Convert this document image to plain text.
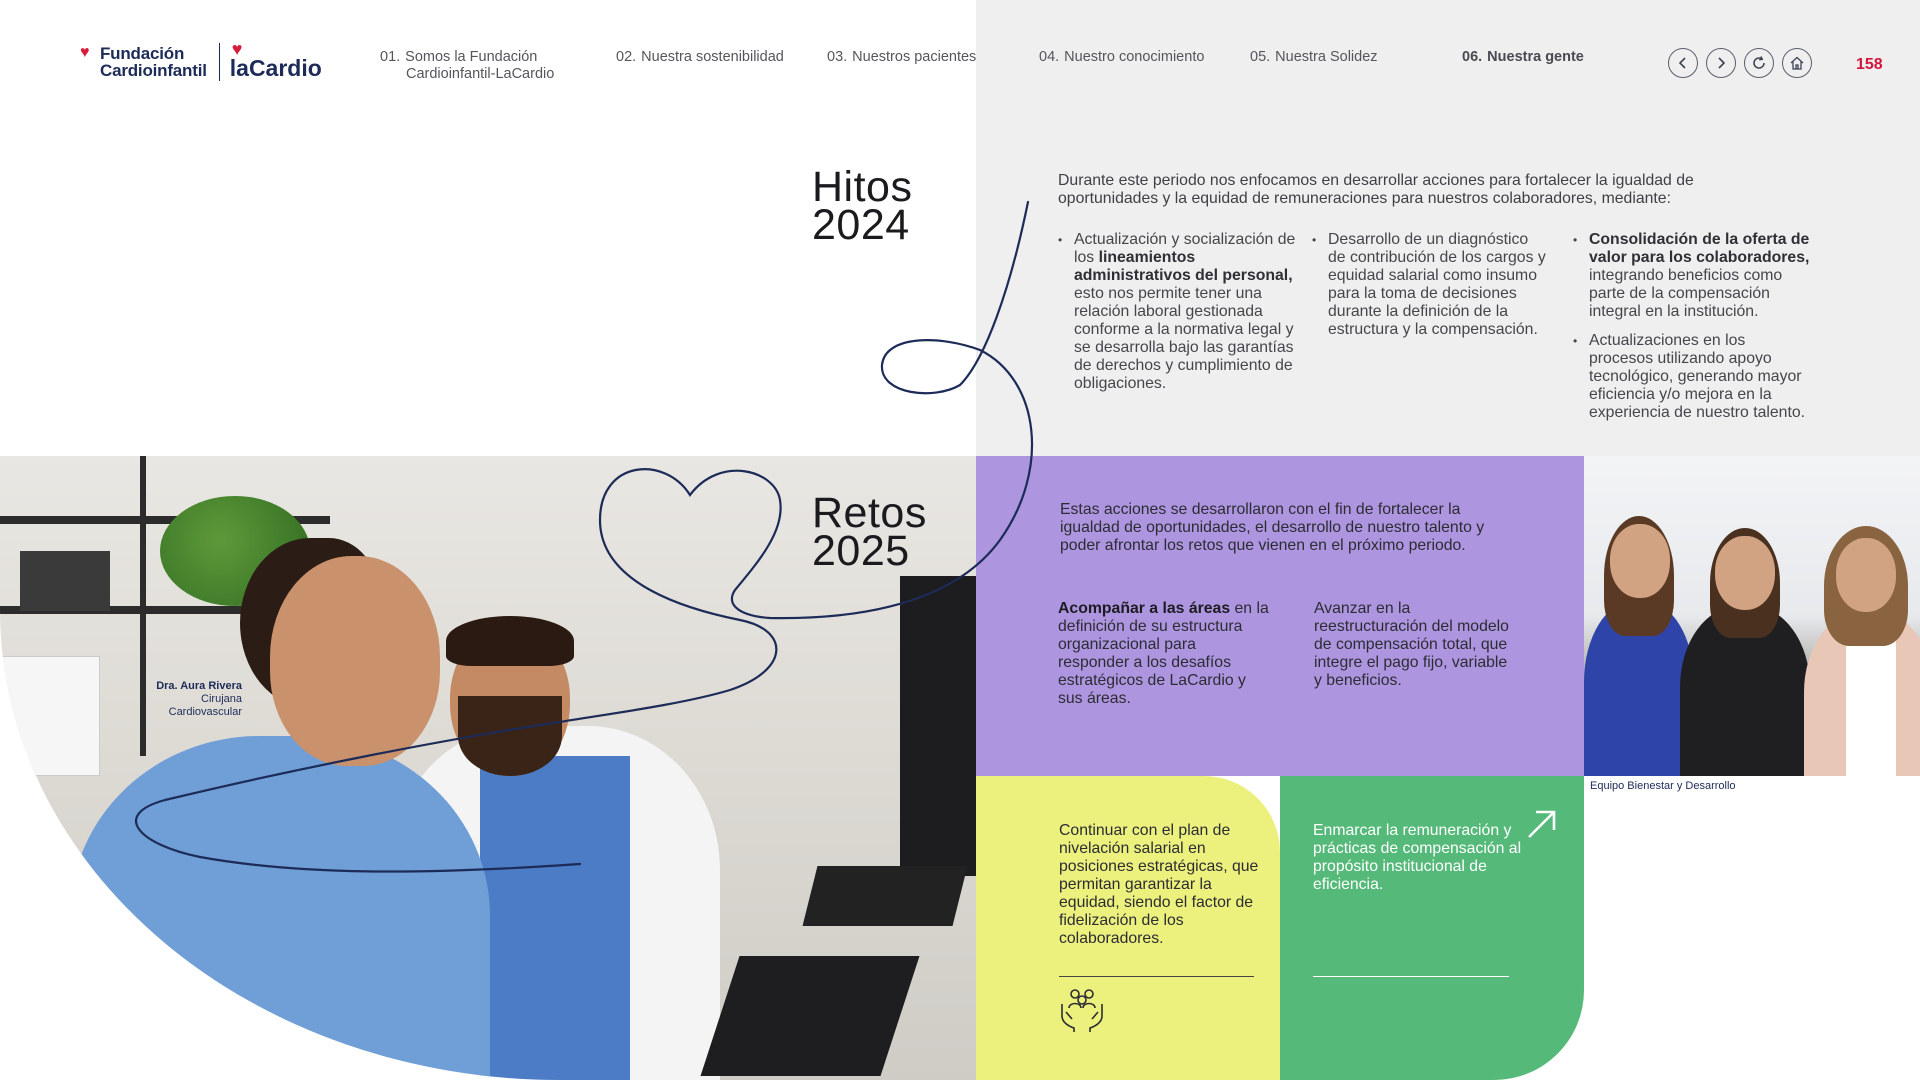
♥ Fundación
Cardioinfantil
♥
laCardio	01. Somos la Fundación
Cardioinfantil-LaCardio
02. Nuestra sostenibilidad	03. Nuestros pacientes	04. Nuestro conocimiento	05. Nuestra Solidez	06. Nuestra gente	158
Hitos
2024
Durante este periodo nos enfocamos en desarrollar acciones para fortalecer la igualdad de oportunidades y la equidad de remuneraciones para nuestros colaboradores, mediante:
• Actualización y socialización de los lineamientos administrativos del personal, esto nos permite tener una relación laboral gestionada conforme a la normativa legal y se desarrolla bajo las garantías de derechos y cumplimiento de obligaciones.
• Desarrollo de un diagnóstico de contribución de los cargos y equidad salarial como insumo para la toma de decisiones durante la definición de la estructura y la compensación.
• Consolidación de la oferta de valor para los colaboradores, integrando beneficios como parte de la compensación integral en la institución.
• Actualizaciones en los procesos utilizando apoyo tecnológico, generando mayor eficiencia y/o mejora en la experiencia de nuestro talento.
Dra. Aura Rivera
Cirujana
Cardiovascular
Estas acciones se desarrollaron con el fin de fortalecer la igualdad de oportunidades, el desarrollo de nuestro talento y poder afrontar los retos que vienen en el próximo periodo.
Acompañar a las áreas en la definición de su estructura organizacional para responder a los desafíos estratégicos de LaCardio y sus áreas.
Avanzar en la reestructuración del modelo de compensación total, que integre el pago fijo, variable y beneficios.
Continuar con el plan de nivelación salarial en posiciones estratégicas, que permitan garantizar la equidad, siendo el factor de fidelización de los colaboradores.
Enmarcar la remuneración y prácticas de compensación al propósito institucional de eficiencia.
Equipo Bienestar y Desarrollo
Retos
2025
